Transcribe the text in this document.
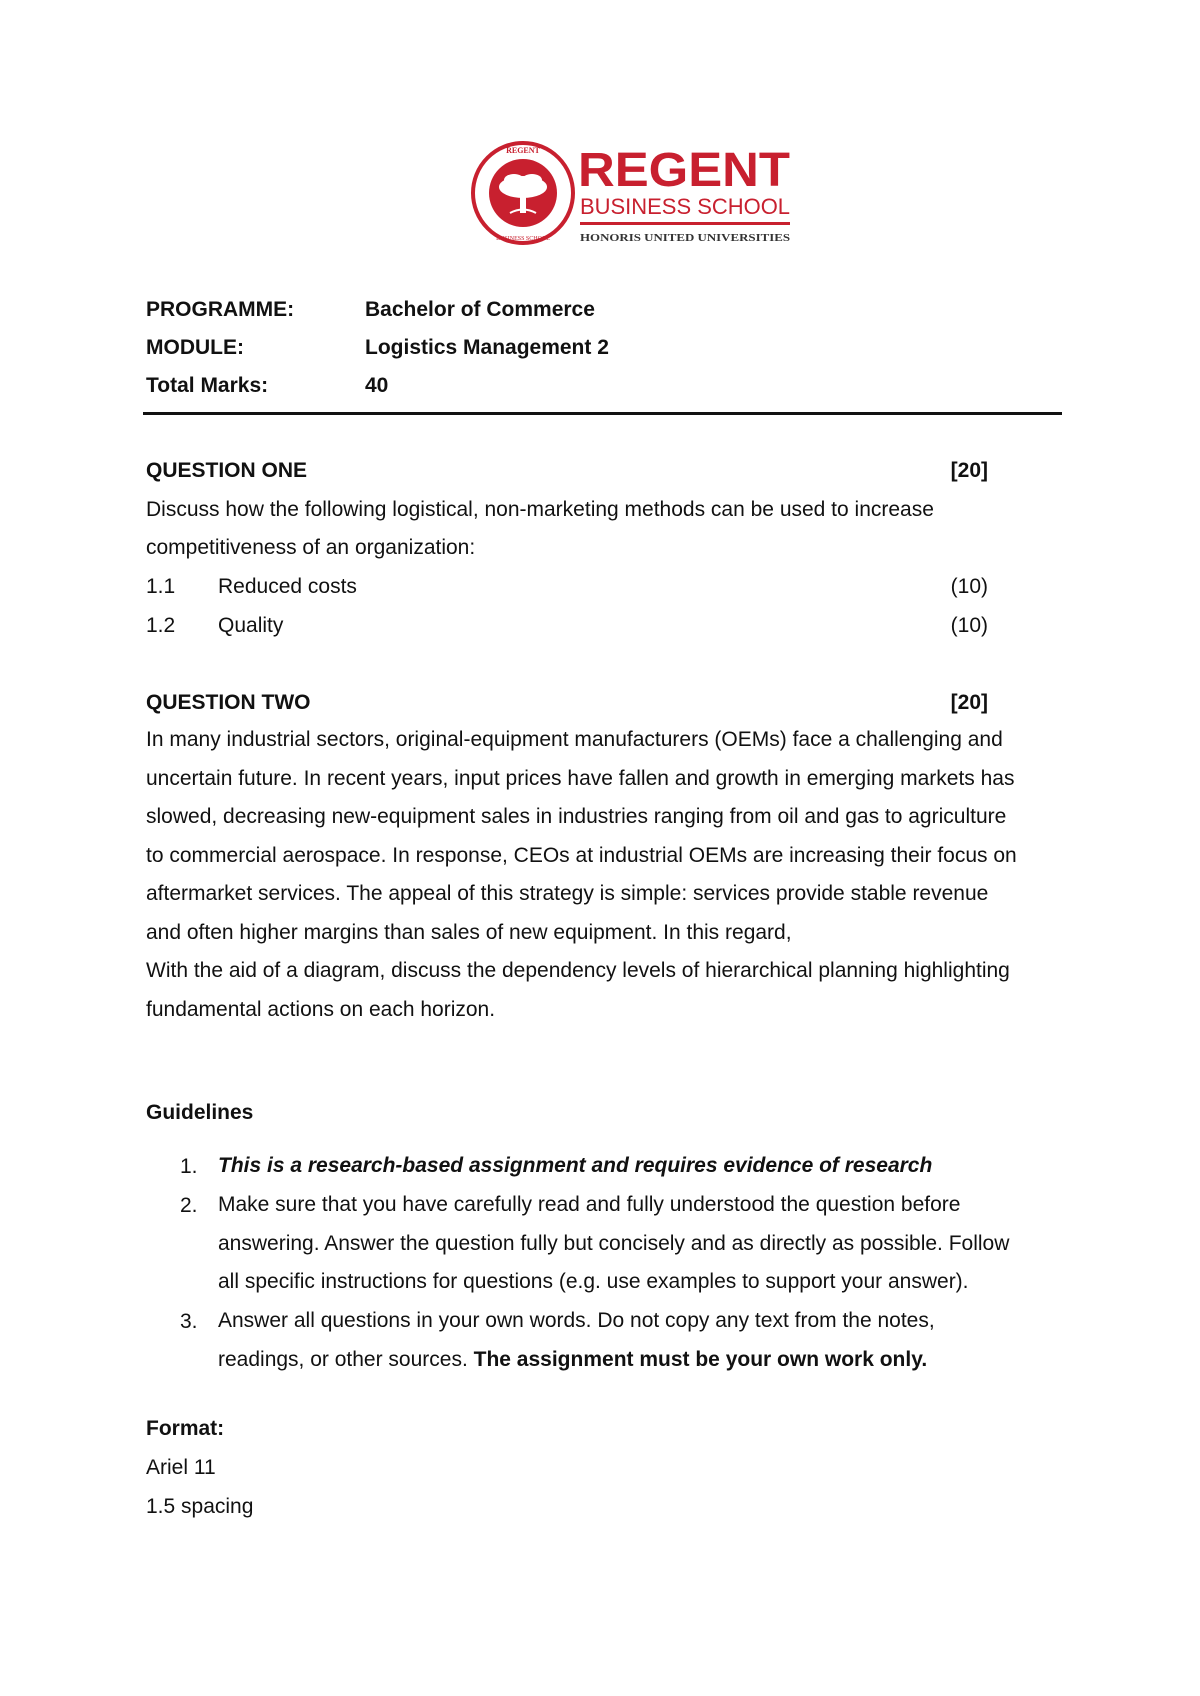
REGENT
BUSINESS SCHOOL
REGENT
BUSINESS SCHOOL
HONORIS UNITED UNIVERSITIES
PROGRAMME:	Bachelor of Commerce
MODULE:	Logistics Management 2
Total Marks:	40
QUESTION ONE	[20]
Discuss how the following logistical, non-marketing methods can be used to increase
competitiveness of an organization:
1.1 Reduced costs	(10)
1.2 Quality	(10)
QUESTION TWO	[20]

In many industrial sectors, original-equipment manufacturers (OEMs) face a challenging and

uncertain future. In recent years, input prices have fallen and growth in emerging markets has

slowed, decreasing new-equipment sales in industries ranging from oil and gas to agriculture

to commercial aerospace. In response, CEOs at industrial OEMs are increasing their focus on

aftermarket services. The appeal of this strategy is simple: services provide stable revenue

and often higher margins than sales of new equipment. In this regard,

With the aid of a diagram, discuss the dependency levels of hierarchical planning highlighting

fundamental actions on each horizon.

Guidelines
1. This is a research-based assignment and requires evidence of research
2. Make sure that you have carefully read and fully understood the question before
answering. Answer the question fully but concisely and as directly as possible. Follow
all specific instructions for questions (e.g. use examples to support your answer).
3. Answer all questions in your own words. Do not copy any text from the notes,
readings, or other sources. The assignment must be your own work only.
Format:
Ariel 11
1.5 spacing
